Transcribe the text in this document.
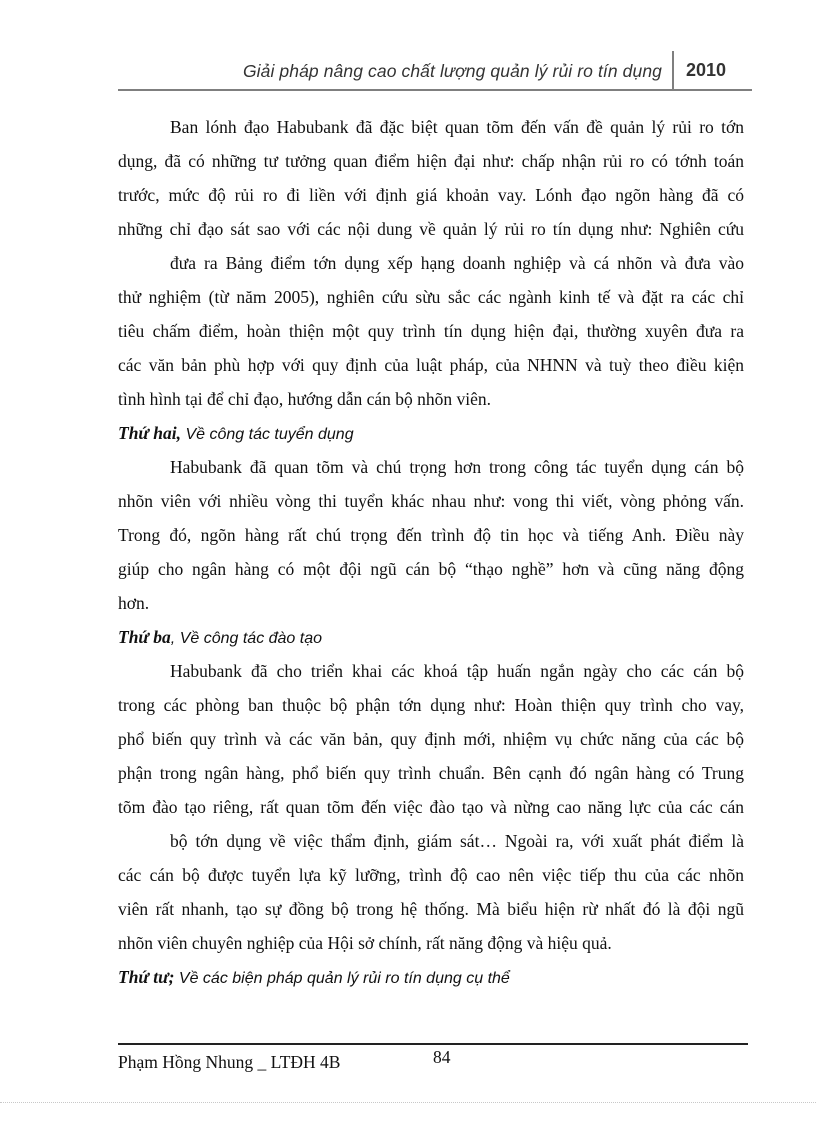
Giải pháp nâng cao chất lượng quản lý rủi ro tín dụng 2010
Ban lónh đạo Habubank đã đặc biệt quan tõm đến vấn đề quản lý rủi ro tớn
dụng, đã có những tư tưởng quan điểm hiện đại như: chấp nhận rủi ro có tớnh toán
trước, mức độ rủi ro đi liền với định giá khoản vay. Lónh đạo ngõn hàng đã có
những chỉ đạo sát sao với các nội dung về quản lý rủi ro tín dụng như: Nghiên cứu
đưa ra Bảng điểm tớn dụng xếp hạng doanh nghiệp và cá nhõn và đưa vào
thử nghiệm (từ năm 2005), nghiên cứu sừu sắc các ngành kinh tế và đặt ra các chỉ
tiêu chấm điểm, hoàn thiện một quy trình tín dụng hiện đại, thường xuyên đưa ra
các văn bản phù hợp với quy định của luật pháp, của NHNN và tuỳ theo điều kiện
tình hình tại để chỉ đạo, hướng dẫn cán bộ nhõn viên.
Thứ hai, Về công tác tuyển dụng
Habubank đã quan tõm và chú trọng hơn trong công tác tuyển dụng cán bộ
nhõn viên với nhiều vòng thi tuyển khác nhau như: vong thi viết, vòng phỏng vấn.
Trong đó, ngõn hàng rất chú trọng đến trình độ tin học và tiếng Anh. Điều này
giúp cho ngân hàng có một đội ngũ cán bộ “thạo nghề” hơn và cũng năng động
hơn.
Thứ ba, Về công tác đào tạo
Habubank đã cho triển khai các khoá tập huấn ngắn ngày cho các cán bộ
trong các phòng ban thuộc bộ phận tớn dụng như: Hoàn thiện quy trình cho vay,
phổ biến quy trình và các văn bản, quy định mới, nhiệm vụ chức năng của các bộ
phận trong ngân hàng, phổ biến quy trình chuẩn. Bên cạnh đó ngân hàng có Trung
tõm đào tạo riêng, rất quan tõm đến việc đào tạo và nừng cao năng lực của các cán
bộ tớn dụng về việc thẩm định, giám sát… Ngoài ra, với xuất phát điểm là
các cán bộ được tuyển lựa kỹ lưỡng, trình độ cao nên việc tiếp thu của các nhõn
viên rất nhanh, tạo sự đồng bộ trong hệ thống. Mà biểu hiện rừ nhất đó là đội ngũ
nhõn viên chuyên nghiệp của Hội sở chính, rất năng động và hiệu quả.
Thứ tư; Về các biện pháp quản lý rủi ro tín dụng cụ thể
Phạm Hồng Nhung _ LTĐH 4B	84
